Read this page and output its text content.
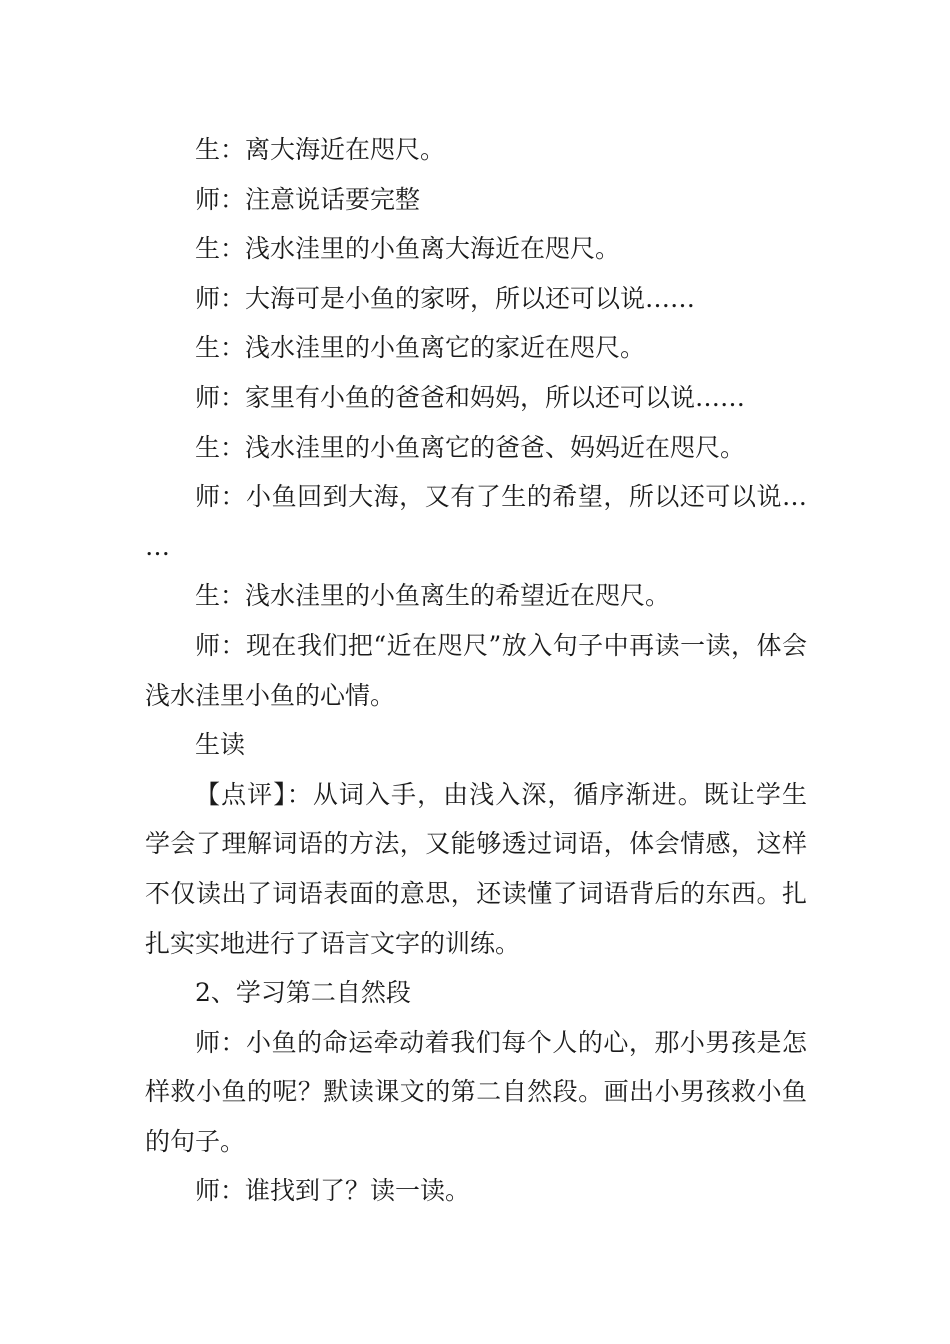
生：离大海近在咫尺。

师：注意说话要完整

生：浅水洼里的小鱼离大海近在咫尺。

师：大海可是小鱼的家呀，所以还可以说……

生：浅水洼里的小鱼离它的家近在咫尺。

师：家里有小鱼的爸爸和妈妈，所以还可以说……

生：浅水洼里的小鱼离它的爸爸、妈妈近在咫尺。

师：小鱼回到大海，又有了生的希望，所以还可以说……

生：浅水洼里的小鱼离生的希望近在咫尺。

师：现在我们把“近在咫尺”放入句子中再读一读，体会浅水洼里小鱼的心情。

生读

【点评】：从词入手，由浅入深，循序渐进。既让学生学会了理解词语的方法，又能够透过词语，体会情感，这样不仅读出了词语表面的意思，还读懂了词语背后的东西。扎扎实实地进行了语言文字的训练。

2、学习第二自然段

师：小鱼的命运牵动着我们每个人的心，那小男孩是怎样救小鱼的呢？默读课文的第二自然段。画出小男孩救小鱼的句子。

师：谁找到了？读一读。
